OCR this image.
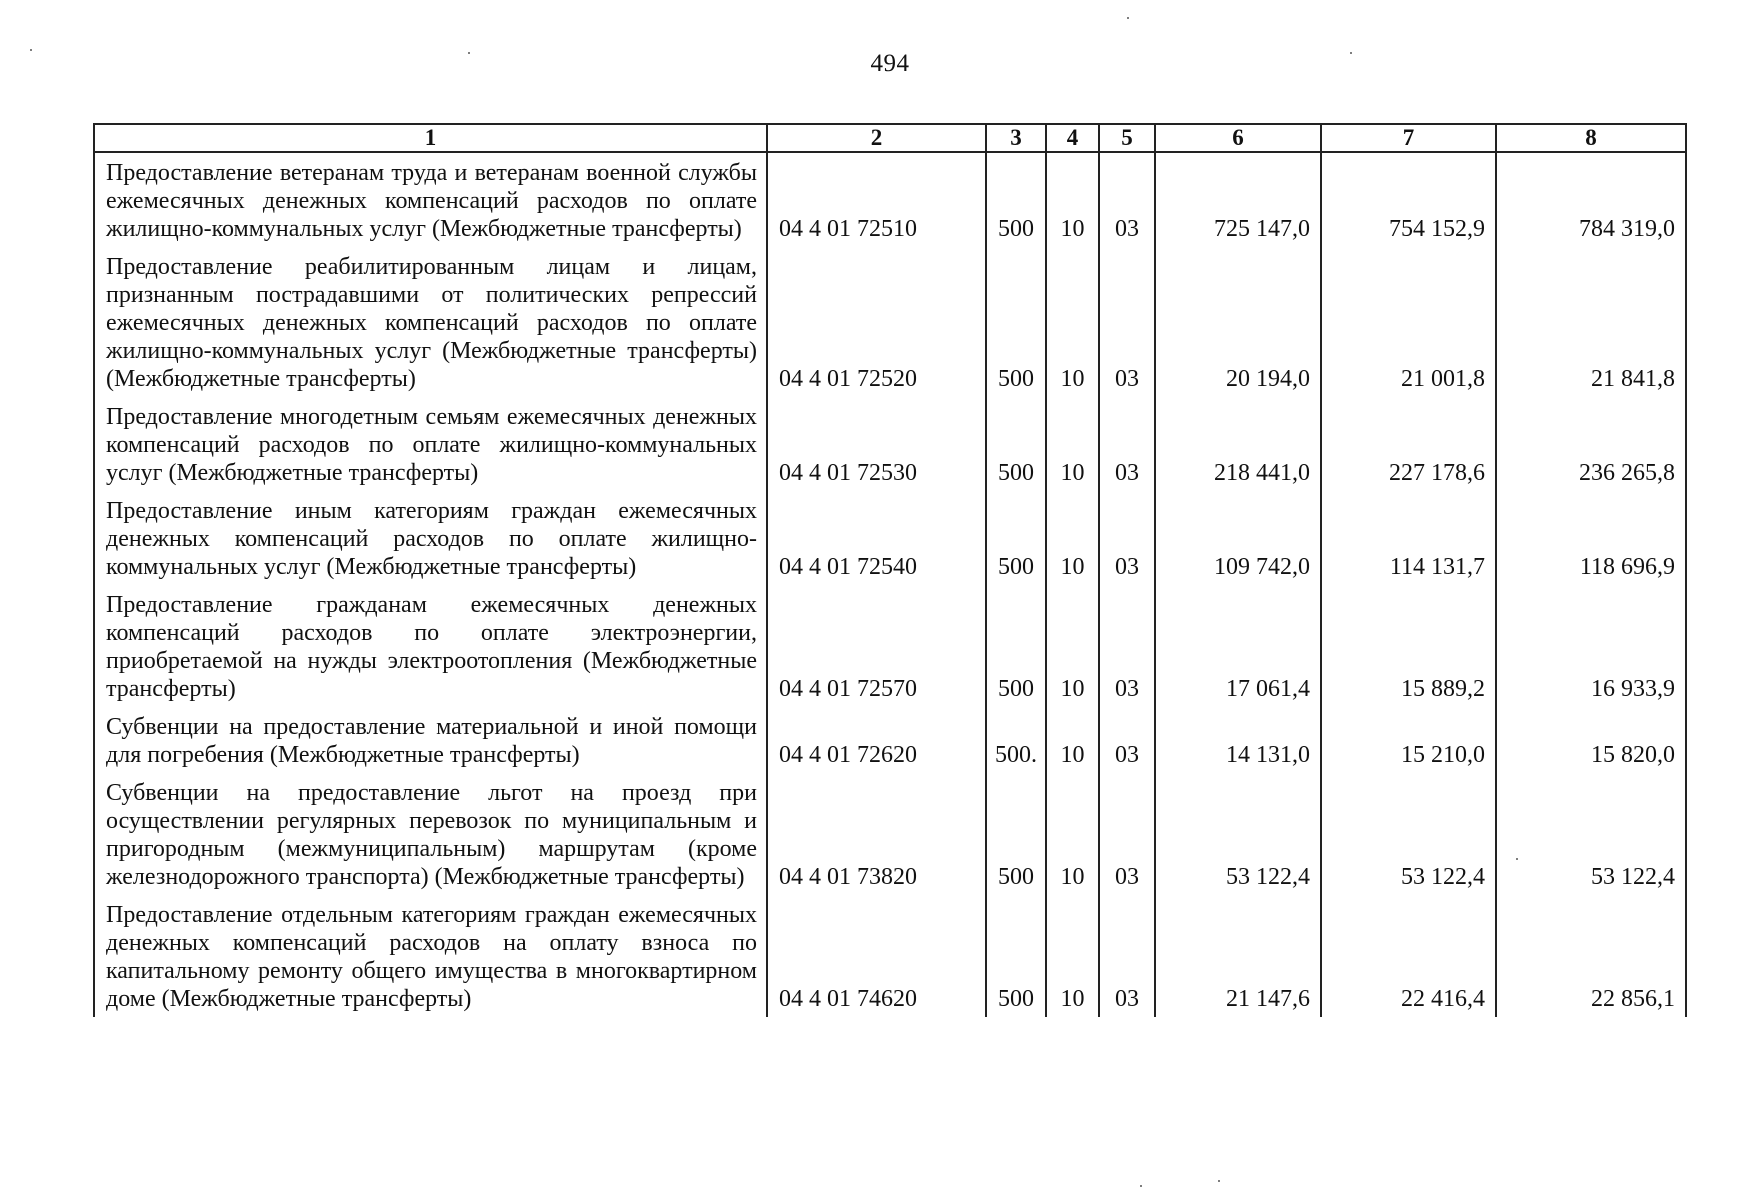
494
1	2	3	4	5	6	7	8
Предоставление ветеранам труда и ветеранам военной службы ежемесячных денежных компенсаций расходов по оплате жилищно-коммунальных услуг (Межбюджетные трансферты)	04 4 01 72510	500	10	03	725 147,0	754 152,9	784 319,0
Предоставление реабилитированным лицам и лицам, признанным пострадавшими от политических репрессий ежемесячных денежных компенсаций расходов по оплате жилищно-коммунальных услуг (Межбюджетные трансферты) (Межбюджетные трансферты)	04 4 01 72520	500	10	03	20 194,0	21 001,8	21 841,8
Предоставление многодетным семьям ежемесячных денежных компенсаций расходов по оплате жилищно-коммунальных услуг (Межбюджетные трансферты)	04 4 01 72530	500	10	03	218 441,0	227 178,6	236 265,8
Предоставление иным категориям граждан ежемесячных денежных компенсаций расходов по оплате жилищно-коммунальных услуг (Межбюджетные трансферты)	04 4 01 72540	500	10	03	109 742,0	114 131,7	118 696,9
Предоставление гражданам ежемесячных денежных компенсаций расходов по оплате электроэнергии, приобретаемой на нужды электроотопления (Межбюджетные трансферты)	04 4 01 72570	500	10	03	17 061,4	15 889,2	16 933,9
Субвенции на предоставление материальной и иной помощи для погребения (Межбюджетные трансферты)	04 4 01 72620	500.	10	03	14 131,0	15 210,0	15 820,0
Субвенции на предоставление льгот на проезд при осуществлении регулярных перевозок по муниципальным и пригородным (межмуниципальным) маршрутам (кроме железнодорожного транспорта) (Межбюджетные трансферты)	04 4 01 73820	500	10	03	53 122,4	53 122,4	53 122,4
Предоставление отдельным категориям граждан ежемесячных денежных компенсаций расходов на оплату взноса по капитальному ремонту общего имущества в многоквартирном доме (Межбюджетные трансферты)	04 4 01 74620	500	10	03	21 147,6	22 416,4	22 856,1
